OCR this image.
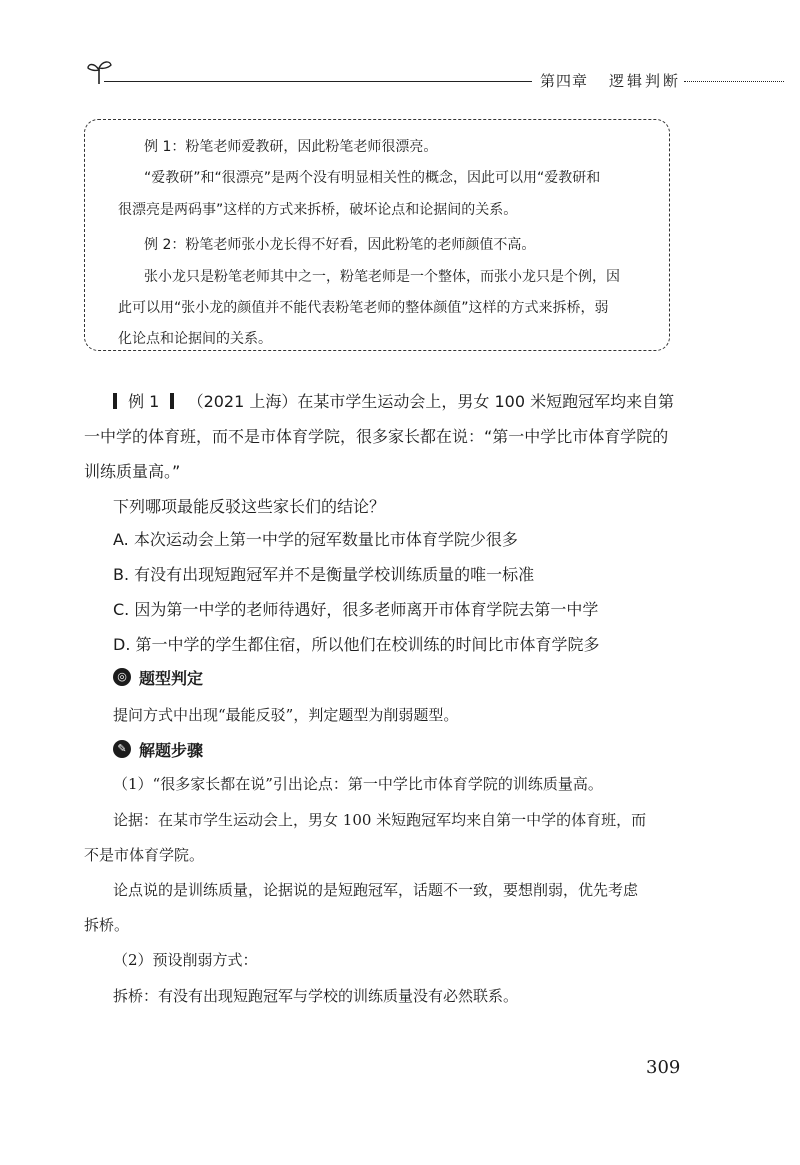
第四章 逻辑判断
例 1：粉笔老师爱教研，因此粉笔老师很漂亮。
“爱教研”和“很漂亮”是两个没有明显相关性的概念，因此可以用“爱教研和
很漂亮是两码事”这样的方式来拆桥，破坏论点和论据间的关系。
例 2：粉笔老师张小龙长得不好看，因此粉笔的老师颜值不高。
张小龙只是粉笔老师其中之一，粉笔老师是一个整体，而张小龙只是个例，因
此可以用“张小龙的颜值并不能代表粉笔老师的整体颜值”这样的方式来拆桥，弱
化论点和论据间的关系。
例 1 （2021 上海）在某市学生运动会上，男女 100 米短跑冠军均来自第
一中学的体育班，而不是市体育学院，很多家长都在说：“第一中学比市体育学院的
训练质量高。”
下列哪项最能反驳这些家长们的结论？
A. 本次运动会上第一中学的冠军数量比市体育学院少很多
B. 有没有出现短跑冠军并不是衡量学校训练质量的唯一标准
C. 因为第一中学的老师待遇好，很多老师离开市体育学院去第一中学
D. 第一中学的学生都住宿，所以他们在校训练的时间比市体育学院多
◎ 题型判定
提问方式中出现“最能反驳”，判定题型为削弱题型。
✎ 解题步骤
（1）“很多家长都在说”引出论点：第一中学比市体育学院的训练质量高。
论据：在某市学生运动会上，男女 100 米短跑冠军均来自第一中学的体育班，而
不是市体育学院。
论点说的是训练质量，论据说的是短跑冠军，话题不一致，要想削弱，优先考虑
拆桥。
（2）预设削弱方式：
拆桥：有没有出现短跑冠军与学校的训练质量没有必然联系。
309
